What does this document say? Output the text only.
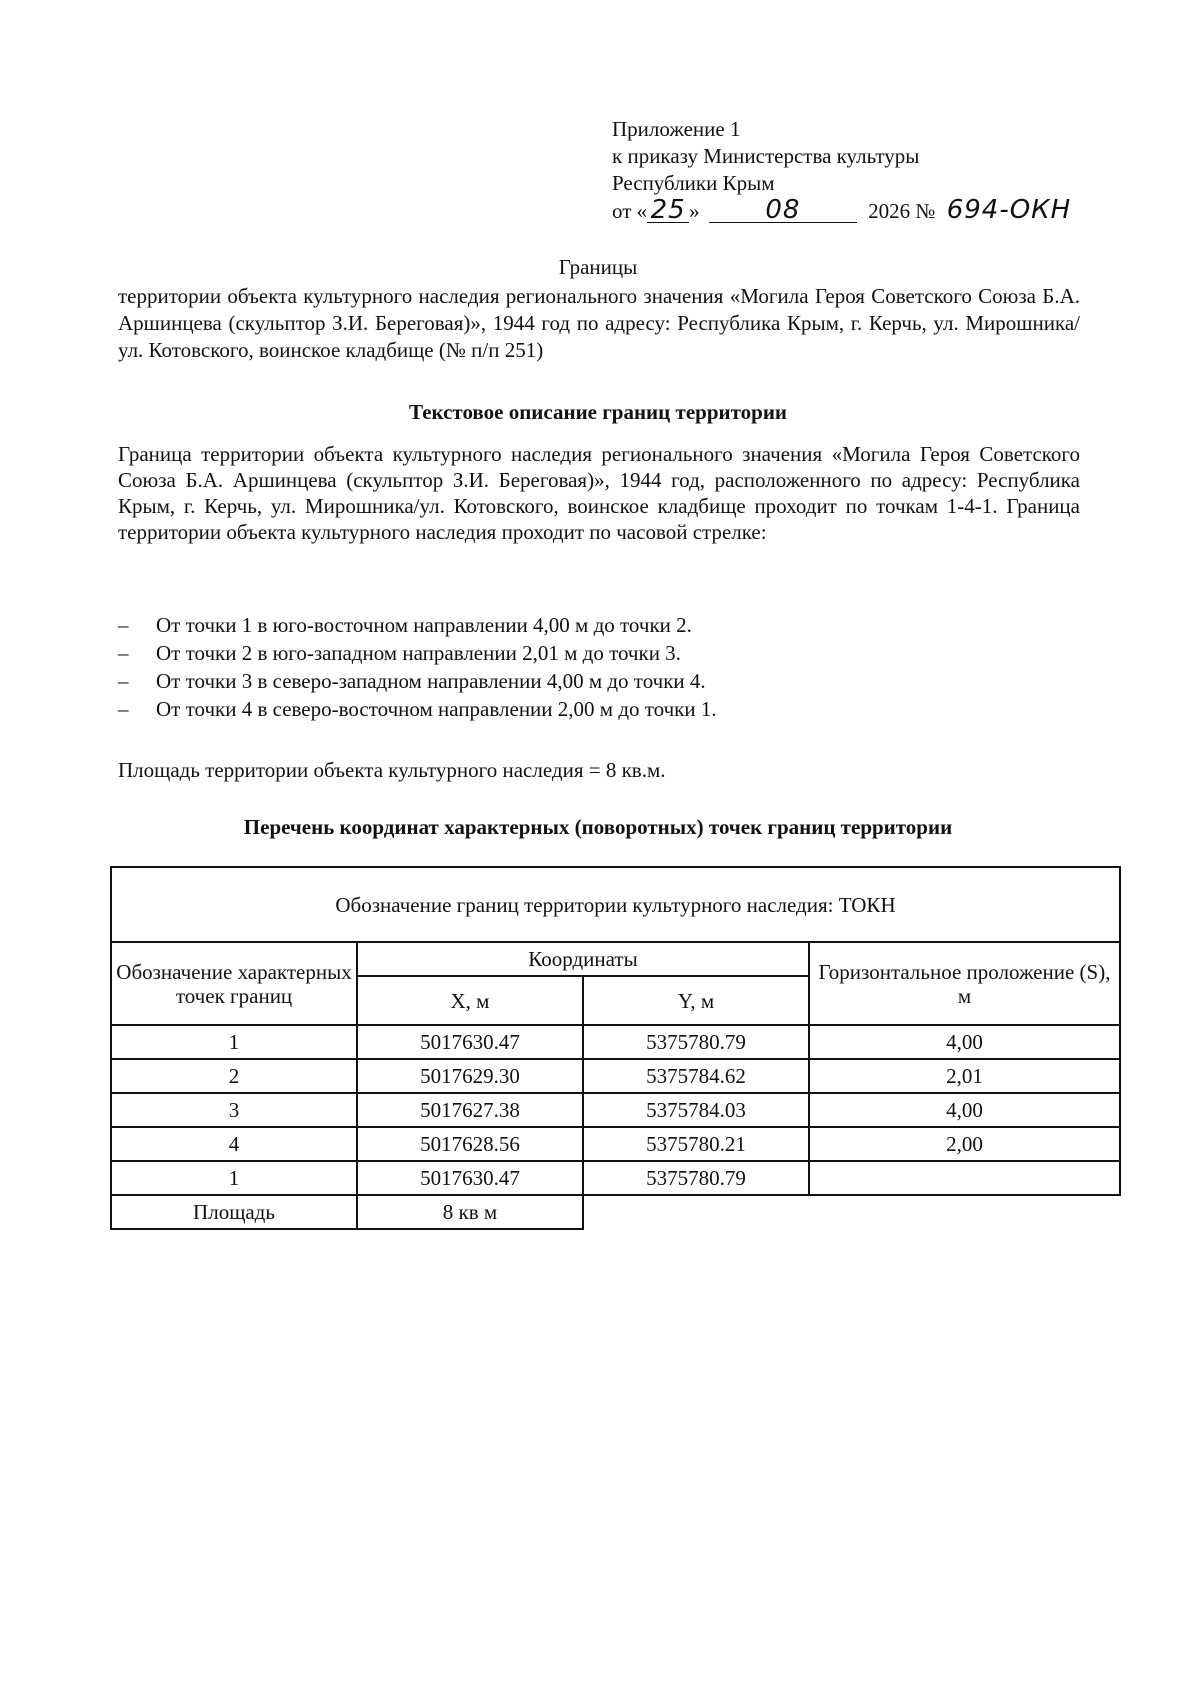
Приложение 1
к приказу Министерства культуры
Республики Крым
от « 25 »	08	2026 № 694-ОКН
Границы
территории объекта культурного наследия регионального значения «Могила Героя Советского Союза Б.А. Аршинцева (скульптор З.И. Береговая)», 1944 год по адресу: Республика Крым, г. Керчь, ул. Мирошника/ул. Котовского, воинское кладбище (№ п/п 251)
Текстовое описание границ территории
Граница территории объекта культурного наследия регионального значения «Могила Героя Советского Союза Б.А. Аршинцева (скульптор З.И. Береговая)», 1944 год, расположенного по адресу: Республика Крым, г. Керчь, ул. Мирошника/ул. Котовского, воинское кладбище проходит по точкам 1-4-1. Граница территории объекта культурного наследия проходит по часовой стрелке:
– От точки 1 в юго-восточном направлении 4,00 м до точки 2.
– От точки 2 в юго-западном направлении 2,01 м до точки 3.
– От точки 3 в северо-западном направлении 4,00 м до точки 4.
– От точки 4 в северо-восточном направлении 2,00 м до точки 1.
Площадь территории объекта культурного наследия = 8 кв.м.
Перечень координат характерных (поворотных) точек границ территории
Обозначение границ территории культурного наследия: ТОКН			
Обозначение характерных точек границ	Координаты		Горизонтальное проложение (S), м
	X, м	Y, м	
1	5017630.47	5375780.79	4,00
2	5017629.30	5375784.62	2,01
3	5017627.38	5375784.03	4,00
4	5017628.56	5375780.21	2,00
1	5017630.47	5375780.79	
Площадь	8 кв м		
